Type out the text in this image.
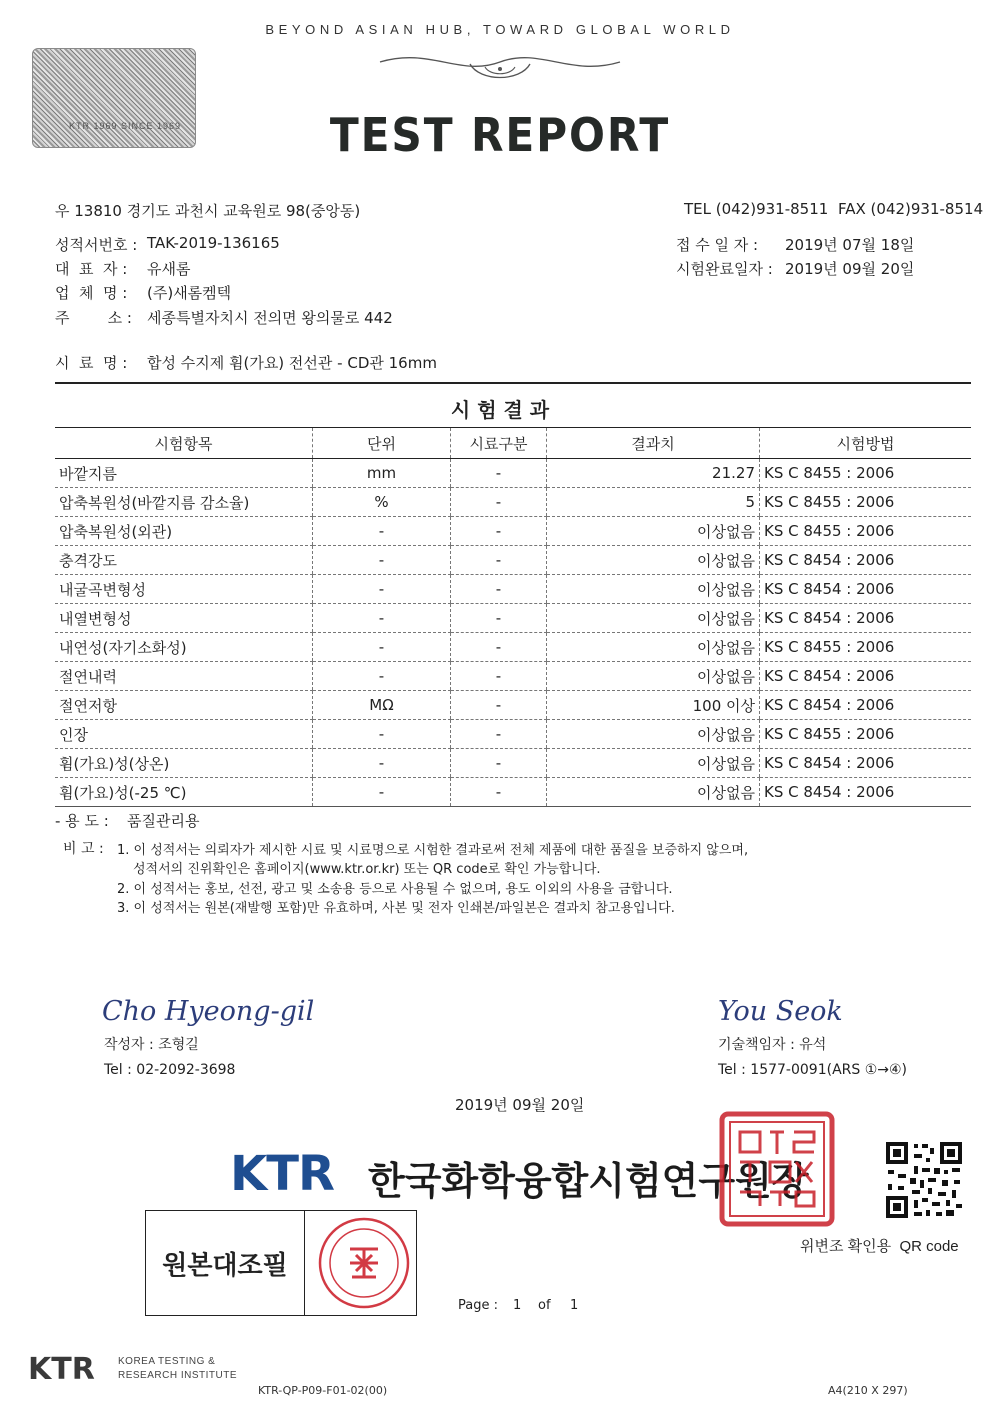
BEYOND ASIAN HUB, TOWARD GLOBAL WORLD
KTR 1969 SINCE 1969	TEST REPORT
우 13810 경기도 과천시 교육원로 98(중앙동)	TEL (042)931-8511 FAX (042)931-8514
성적서번호 : TAK-2019-136165
대  표  자 :	유새롬
업  체  명 :	(주)새롬켐텍
주        소 :	세종특별자치시 전의면 왕의물로 442
접 수 일 자 : 2019년 07월 18일
시험완료일자 : 2019년 09월 20일
시  료  명 :	합성 수지제 휨(가요) 전선관 - CD관 16mm
시 험 결 과
시험항목	단위	시료구분	결과치	시험방법
바깥지름	mm	-	21.27	KS C 8455 : 2006
압축복원성(바깥지름 감소율)	%	-	5	KS C 8455 : 2006
압축복원성(외관)	-	-	이상없음	KS C 8455 : 2006
충격강도	-	-	이상없음	KS C 8454 : 2006
내굴곡변형성	-	-	이상없음	KS C 8454 : 2006
내열변형성	-	-	이상없음	KS C 8454 : 2006
내연성(자기소화성)	-	-	이상없음	KS C 8455 : 2006
절연내력	-	-	이상없음	KS C 8454 : 2006
절연저항	MΩ	-	100 이상	KS C 8454 : 2006
인장	-	-	이상없음	KS C 8455 : 2006
휨(가요)성(상온)	-	-	이상없음	KS C 8454 : 2006
휨(가요)성(-25 ℃)	-	-	이상없음	KS C 8454 : 2006
- 용 도 : 품질관리용
비 고 : 1. 이 성적서는 의뢰자가 제시한 시료 및 시료명으로 시험한 결과로써 전체 제품에 대한 품질을 보증하지 않으며,
성적서의 진위확인은 홈페이지(www.ktr.or.kr) 또는 QR code로 확인 가능합니다.
2. 이 성적서는 홍보, 선전, 광고 및 소송용 등으로 사용될 수 없으며, 용도 이외의 사용을 금합니다.
3. 이 성적서는 원본(재발행 포함)만 유효하며, 사본 및 전자 인쇄본/파일본은 결과치 참고용입니다.
Cho Hyeong-gil
작성자 : 조형길
Tel : 02-2092-3698
You Seok
기술책임자 : 유석
Tel : 1577-0091(ARS ①→④)
2019년 09월 20일
KTR 한국화학융합시험연구원장
위변조 확인용  QR code
원본대조필
Page : 1 of 1
KTR KOREA TESTING &
RESEARCH INSTITUTE
KTR-QP-P09-F01-02(00)	A4(210 X 297)
